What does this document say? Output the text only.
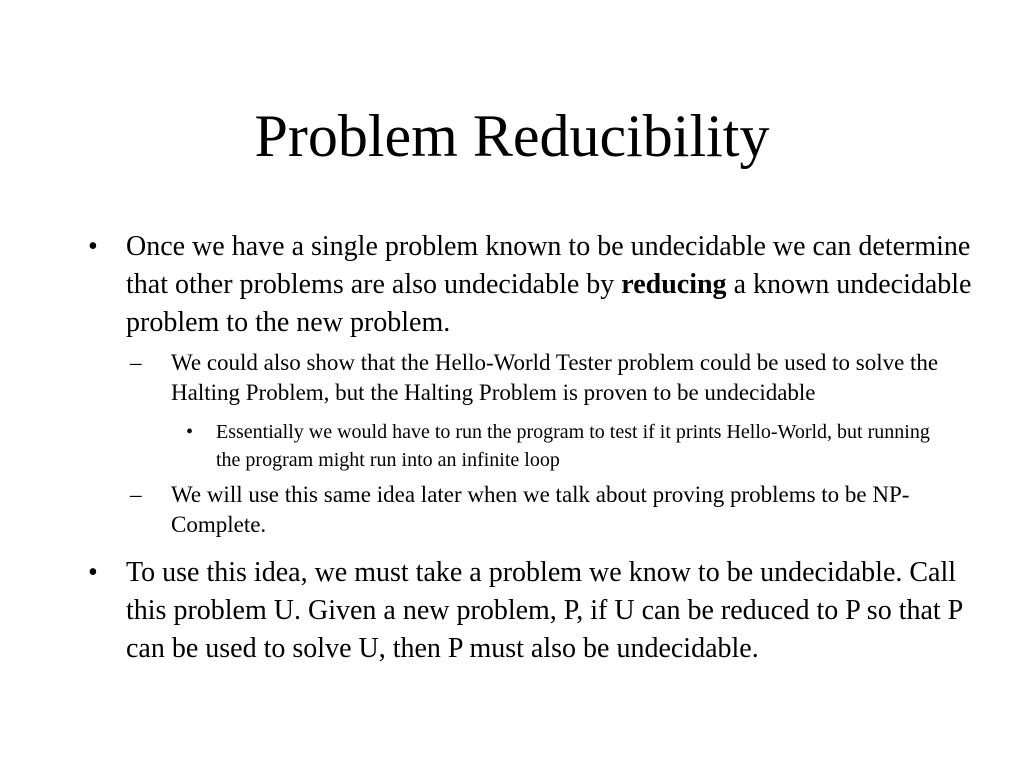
Problem Reducibility
• Once we have a single problem known to be undecidable we can determine that other problems are also undecidable by reducing a known undecidable problem to the new problem.
– We could also show that the Hello-World Tester problem could be used to solve the Halting Problem, but the Halting Problem is proven to be undecidable
• Essentially we would have to run the program to test if it prints Hello-World, but running the program might run into an infinite loop
– We will use this same idea later when we talk about proving problems to be NP-Complete.
• To use this idea, we must take a problem we know to be undecidable. Call this problem U. Given a new problem, P, if U can be reduced to P so that P can be used to solve U, then P must also be undecidable.
